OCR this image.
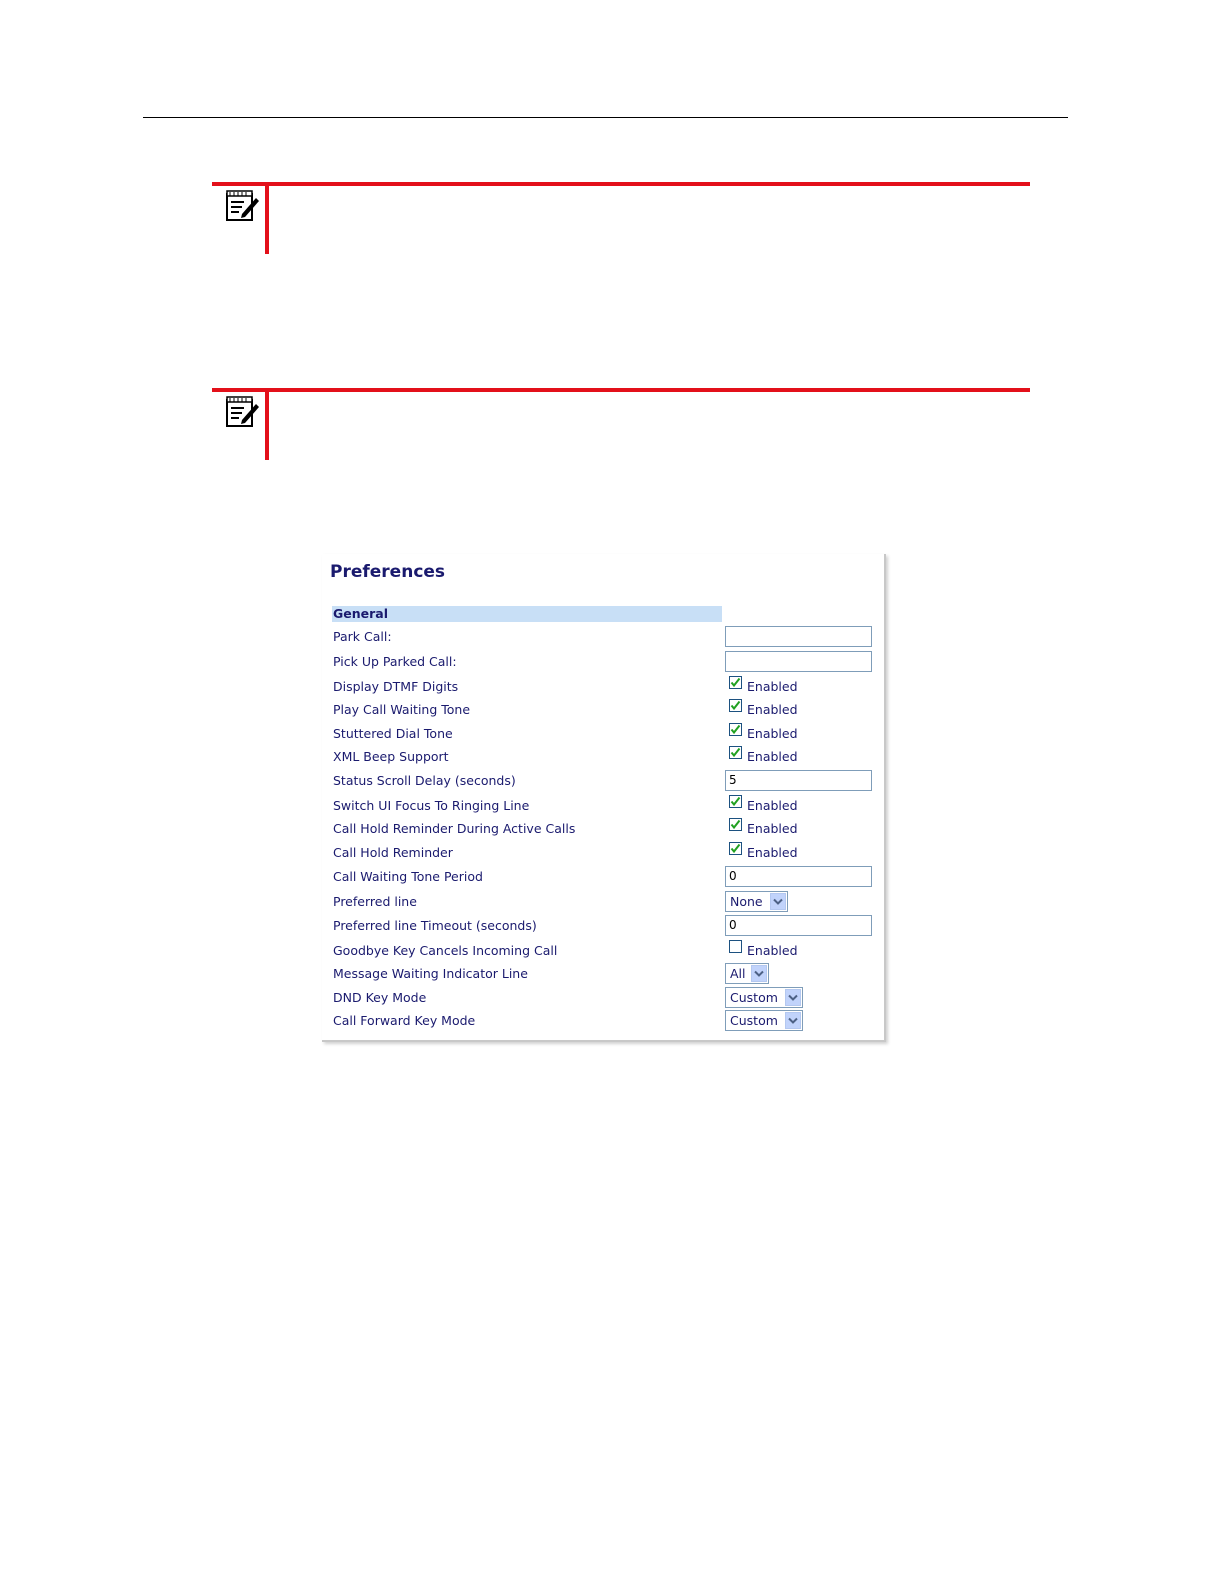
Preferences
General
Park Call:
Pick Up Parked Call:
Display DTMF Digits	Enabled
Play Call Waiting Tone	Enabled
Stuttered Dial Tone	Enabled
XML Beep Support	Enabled
Status Scroll Delay (seconds)	5
Switch UI Focus To Ringing Line	Enabled
Call Hold Reminder During Active Calls	Enabled
Call Hold Reminder	Enabled
Call Waiting Tone Period	0
Preferred line	None
Preferred line Timeout (seconds)	0
Goodbye Key Cancels Incoming Call	Enabled
Message Waiting Indicator Line	All
DND Key Mode	Custom
Call Forward Key Mode	Custom
